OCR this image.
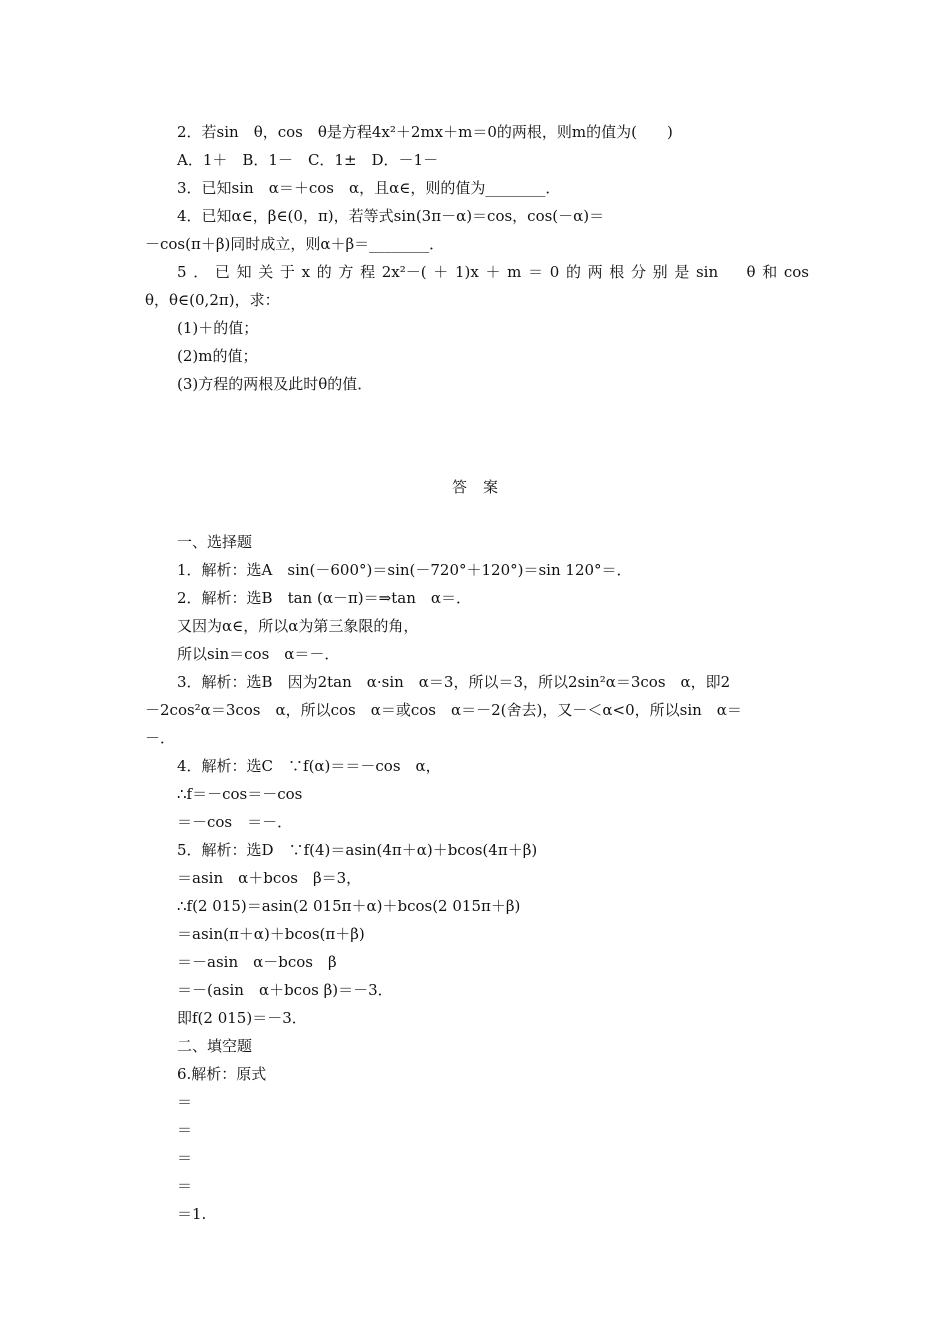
2．若sin　θ，cos　θ是方程4x²＋2mx＋m＝0的两根，则m的值为(　　)
A．1＋　B．1－　C．1±　D．－1－
3．已知sin　α＝＋cos　α，且α∈，则的值为________．
4．已知α∈，β∈(0，π)，若等式sin(3π－α)＝cos，cos(－α)＝
－cos(π＋β)同时成立，则α＋β＝________．
5．已知关于x的方程2x²－(＋1)x＋m＝0的两根分别是sin　θ和cos
θ，θ∈(0,2π)，求：
(1)＋的值；
(2)m的值；
(3)方程的两根及此时θ的值．
答案
一、选择题
1．解析：选A　sin(－600°)＝sin(－720°＋120°)＝sin 120°＝．
2．解析：选B　tan (α－π)＝⇒tan　α＝．
又因为α∈，所以α为第三象限的角，
所以sin＝cos　α＝－．
3．解析：选B　因为2tan　α·sin　α＝3，所以＝3，所以2sin²α＝3cos　α，即2
－2cos²α＝3cos　α，所以cos　α＝或cos　α＝－2(舍去)，又－＜α<0，所以sin　α＝
－．
4．解析：选C　∵f(α)＝＝－cos　α，
∴f＝－cos＝－cos
＝－cos　＝－．
5．解析：选D　∵f(4)＝asin(4π＋α)＋bcos(4π＋β)
＝asin　α＋bcos　β＝3，
∴f(2 015)＝asin(2 015π＋α)＋bcos(2 015π＋β)
＝asin(π＋α)＋bcos(π＋β)
＝－asin　α－bcos　β
＝－(asin　α＋bcos β)＝－3．
即f(2 015)＝－3．
二、填空题
6.解析：原式
＝
＝
＝
＝
＝1.
